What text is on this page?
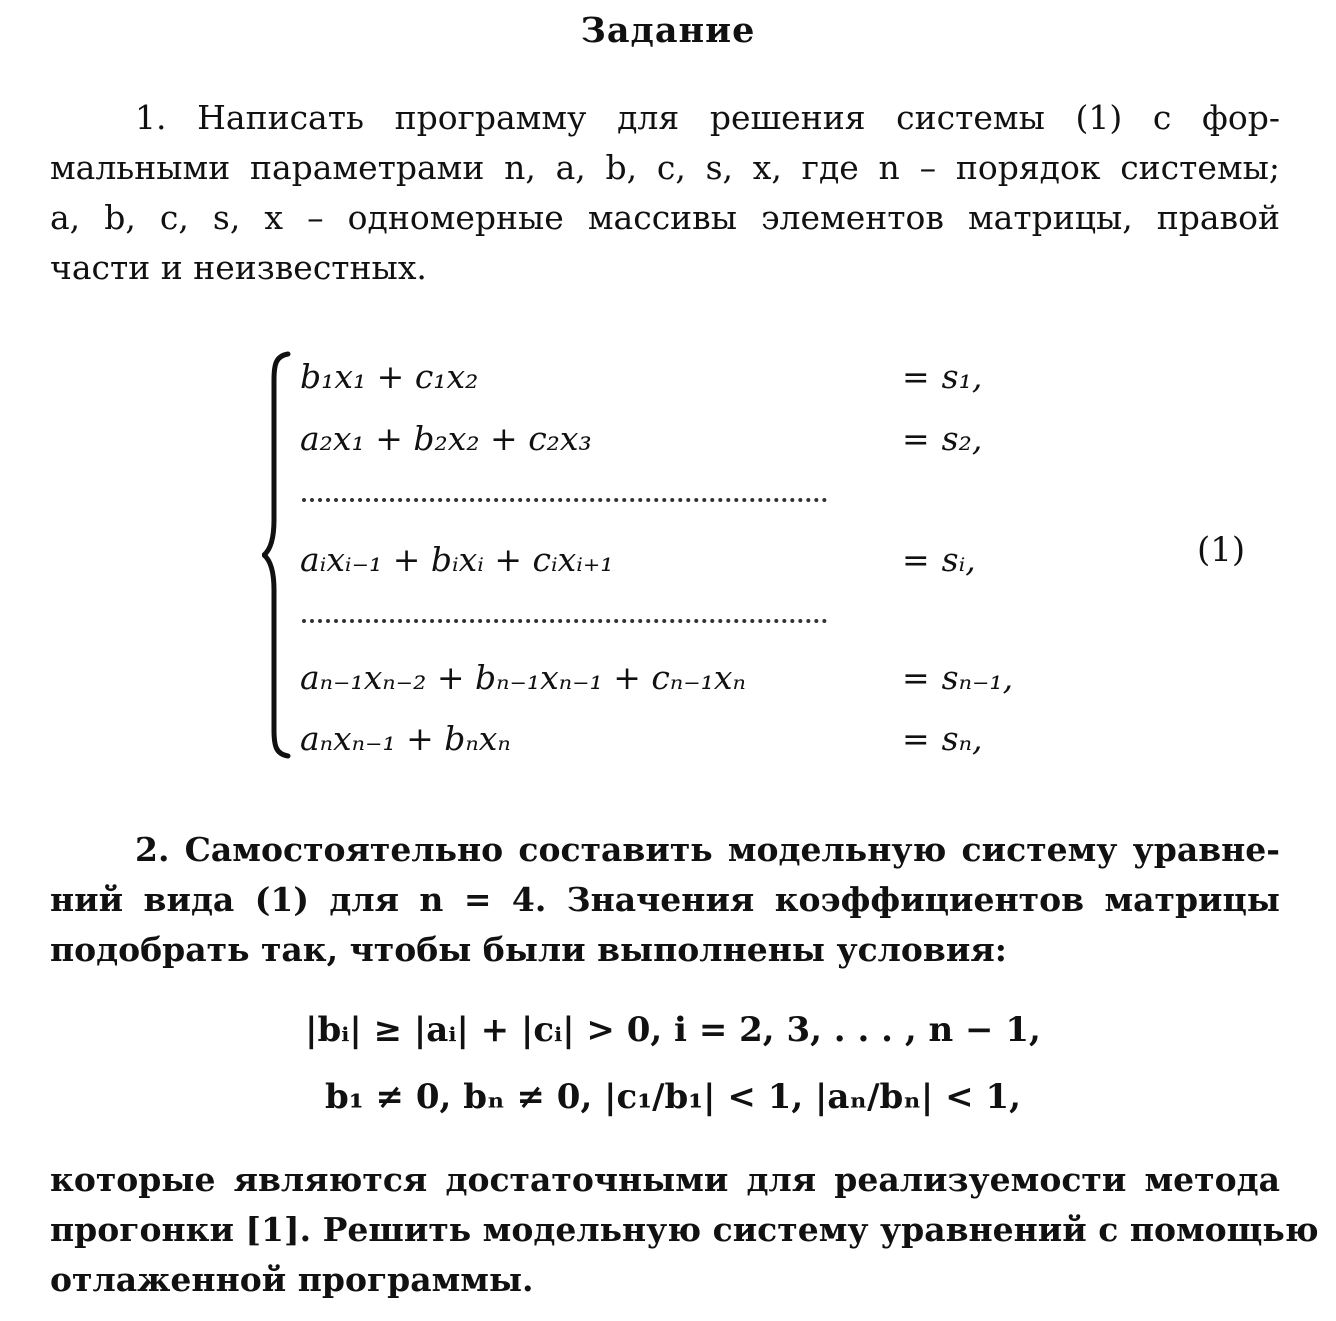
Задание
1. Написать программу для решения системы (1) с фор-
мальными параметрами n, a, b, c, s, x, где n – порядок системы;
a, b, c, s, x – одномерные массивы элементов матрицы, правой
части и неизвестных.
b₁x₁ + c₁x₂	= s₁,
a₂x₁ + b₂x₂ + c₂x₃	= s₂,
aᵢxᵢ₋₁ + bᵢxᵢ + cᵢxᵢ₊₁	= sᵢ,
aₙ₋₁xₙ₋₂ + bₙ₋₁xₙ₋₁ + cₙ₋₁xₙ	= sₙ₋₁,
aₙxₙ₋₁ + bₙxₙ	= sₙ,
(1)
2. Самостоятельно составить модельную систему уравне-
ний вида (1) для n = 4. Значения коэффициентов матрицы
подобрать так, чтобы были выполнены условия:
|bᵢ| ≥ |aᵢ| + |cᵢ| > 0, i = 2, 3, . . . , n − 1,
b₁ ≠ 0, bₙ ≠ 0, |c₁/b₁| < 1, |aₙ/bₙ| < 1,
которые являются достаточными для реализуемости метода
прогонки [1]. Решить модельную систему уравнений с помощью
отлаженной программы.
